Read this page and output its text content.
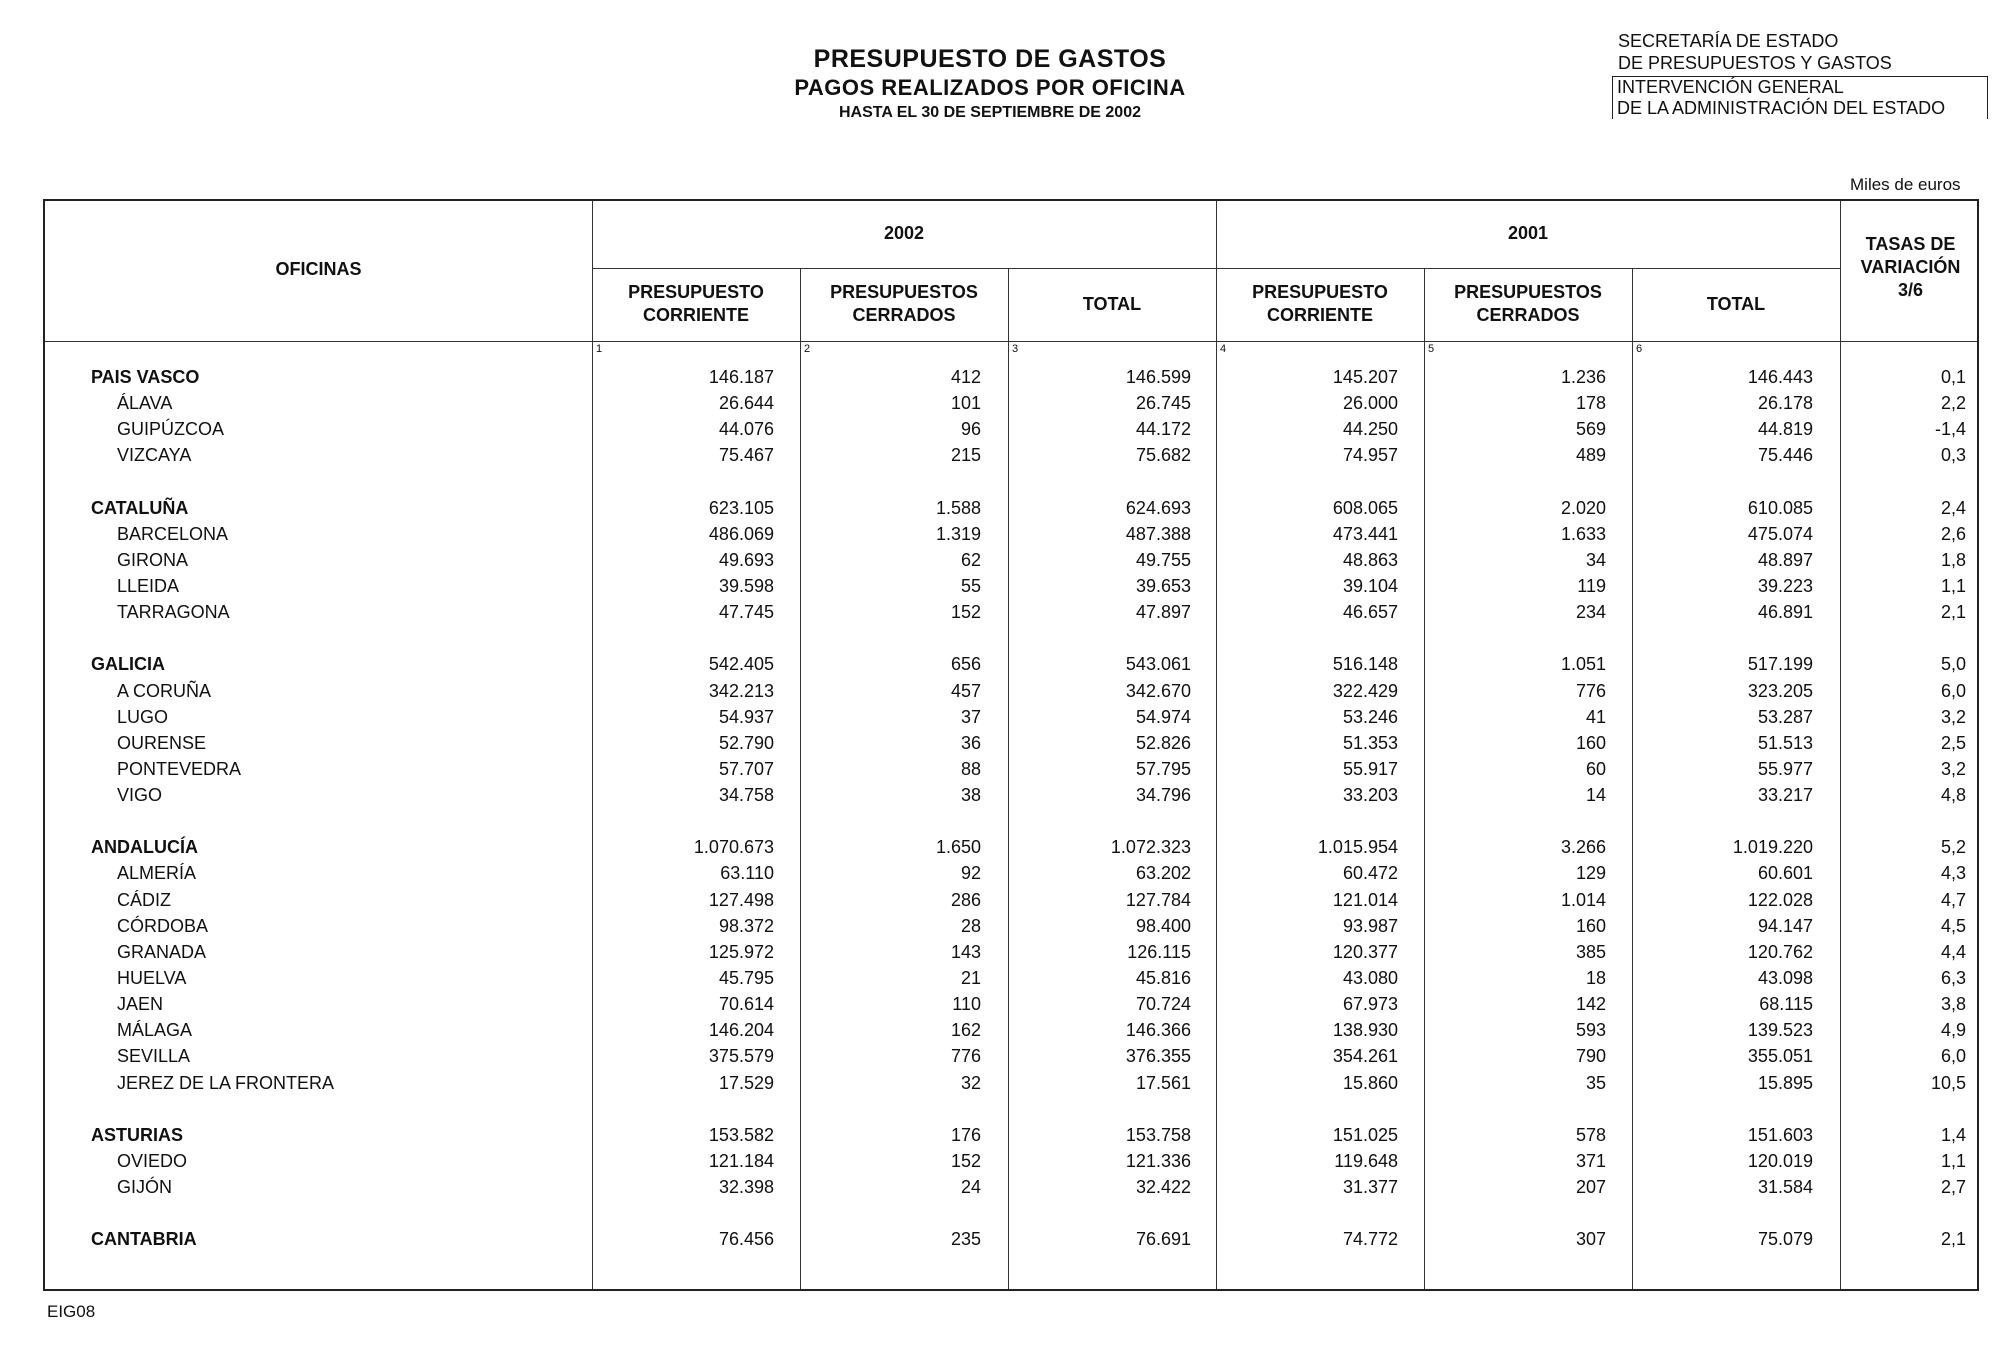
PRESUPUESTO DE GASTOS
PAGOS REALIZADOS POR OFICINA
HASTA EL 30 DE SEPTIEMBRE DE 2002
SECRETARÍA DE ESTADO
DE PRESUPUESTOS Y GASTOS
INTERVENCIÓN GENERAL
DE LA ADMINISTRACIÓN DEL ESTADO
Miles de euros
OFICINAS
2002	2001
TASAS DE
VARIACIÓN
3/6
PRESUPUESTO
CORRIENTE
PRESUPUESTOS
CERRADOS
TOTAL
PRESUPUESTO
CORRIENTE
PRESUPUESTOS
CERRADOS
TOTAL
1	2	3	4	5	6
PAIS VASCO	146.187	412	146.599	145.207	1.236	146.443	0,1
ÁLAVA	26.644	101	26.745	26.000	178	26.178	2,2
GUIPÚZCOA	44.076	96	44.172	44.250	569	44.819	-1,4
VIZCAYA	75.467	215	75.682	74.957	489	75.446	0,3
CATALUÑA	623.105	1.588	624.693	608.065	2.020	610.085	2,4
BARCELONA	486.069	1.319	487.388	473.441	1.633	475.074	2,6
GIRONA	49.693	62	49.755	48.863	34	48.897	1,8
LLEIDA	39.598	55	39.653	39.104	119	39.223	1,1
TARRAGONA	47.745	152	47.897	46.657	234	46.891	2,1
GALICIA	542.405	656	543.061	516.148	1.051	517.199	5,0
A CORUÑA	342.213	457	342.670	322.429	776	323.205	6,0
LUGO	54.937	37	54.974	53.246	41	53.287	3,2
OURENSE	52.790	36	52.826	51.353	160	51.513	2,5
PONTEVEDRA	57.707	88	57.795	55.917	60	55.977	3,2
VIGO	34.758	38	34.796	33.203	14	33.217	4,8
ANDALUCÍA	1.070.673	1.650	1.072.323	1.015.954	3.266	1.019.220	5,2
ALMERÍA	63.110	92	63.202	60.472	129	60.601	4,3
CÁDIZ	127.498	286	127.784	121.014	1.014	122.028	4,7
CÓRDOBA	98.372	28	98.400	93.987	160	94.147	4,5
GRANADA	125.972	143	126.115	120.377	385	120.762	4,4
HUELVA	45.795	21	45.816	43.080	18	43.098	6,3
JAEN	70.614	110	70.724	67.973	142	68.115	3,8
MÁLAGA	146.204	162	146.366	138.930	593	139.523	4,9
SEVILLA	375.579	776	376.355	354.261	790	355.051	6,0
JEREZ DE LA FRONTERA	17.529	32	17.561	15.860	35	15.895	10,5
ASTURIAS	153.582	176	153.758	151.025	578	151.603	1,4
OVIEDO	121.184	152	121.336	119.648	371	120.019	1,1
GIJÓN	32.398	24	32.422	31.377	207	31.584	2,7
CANTABRIA	76.456	235	76.691	74.772	307	75.079	2,1
EIG08
